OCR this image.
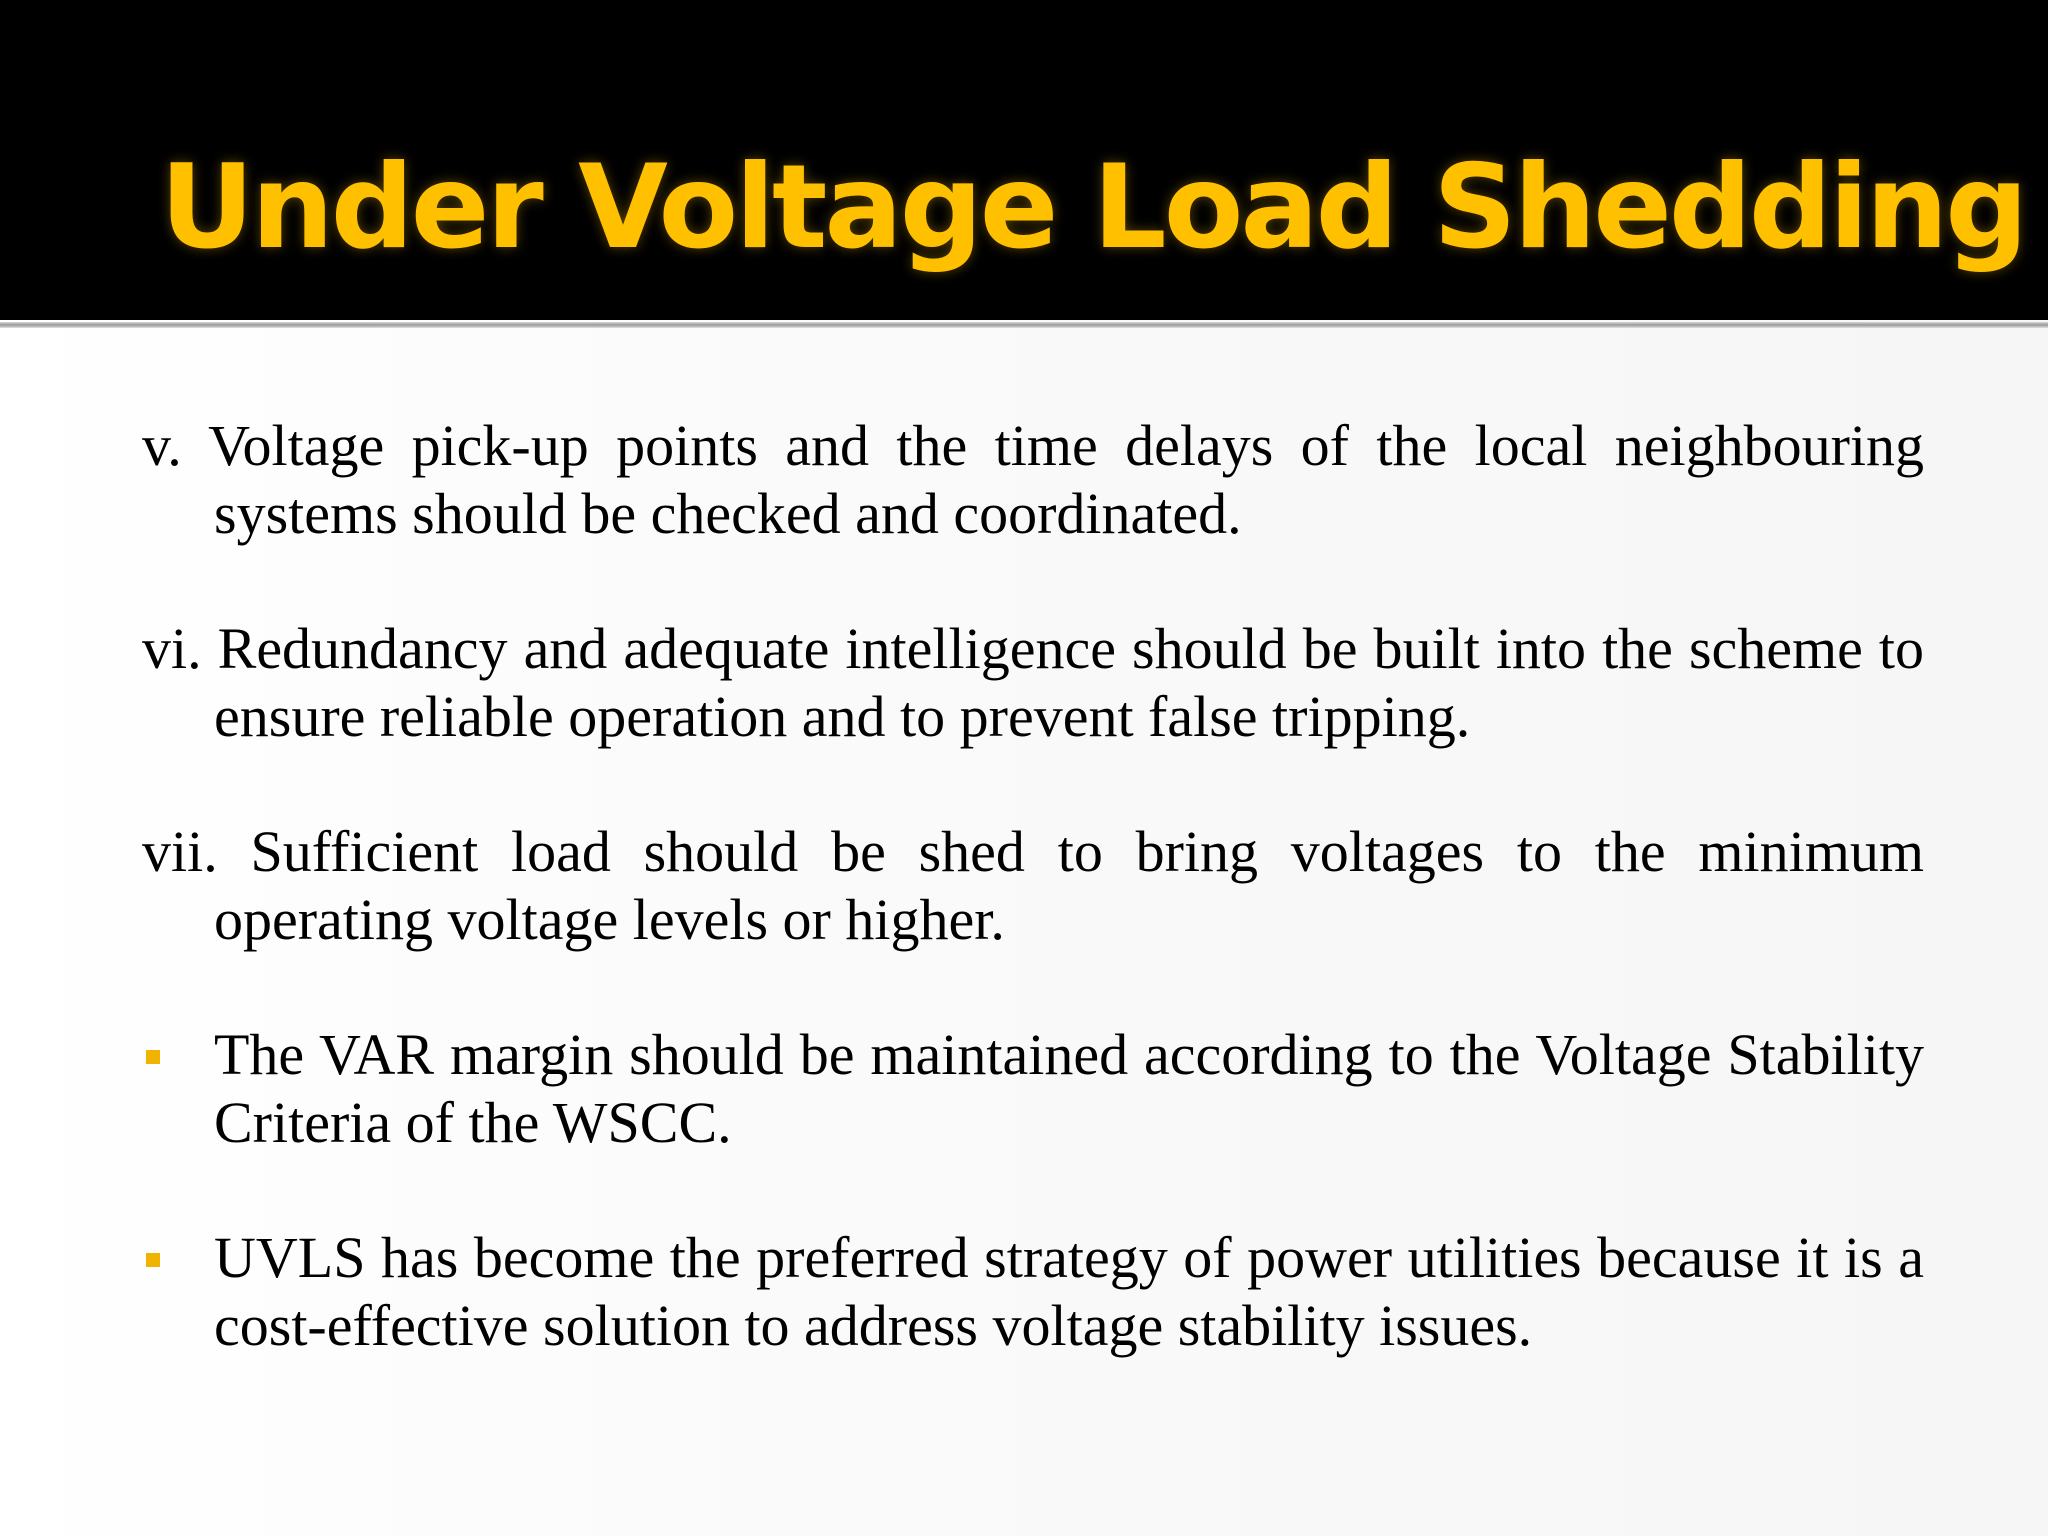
Under Voltage Load Shedding

v. Voltage pick-up points and the time delays of the local neighbouring systems should be checked and coordinated.

vi. Redundancy and adequate intelligence should be built into the scheme to ensure reliable operation and to prevent false tripping.

vii. Sufficient load should be shed to bring voltages to the minimum operating voltage levels or higher.

The VAR margin should be maintained according to the Voltage Stability Criteria of the WSCC.
UVLS has become the preferred strategy of power utilities because it is a cost-effective solution to address voltage stability issues.
